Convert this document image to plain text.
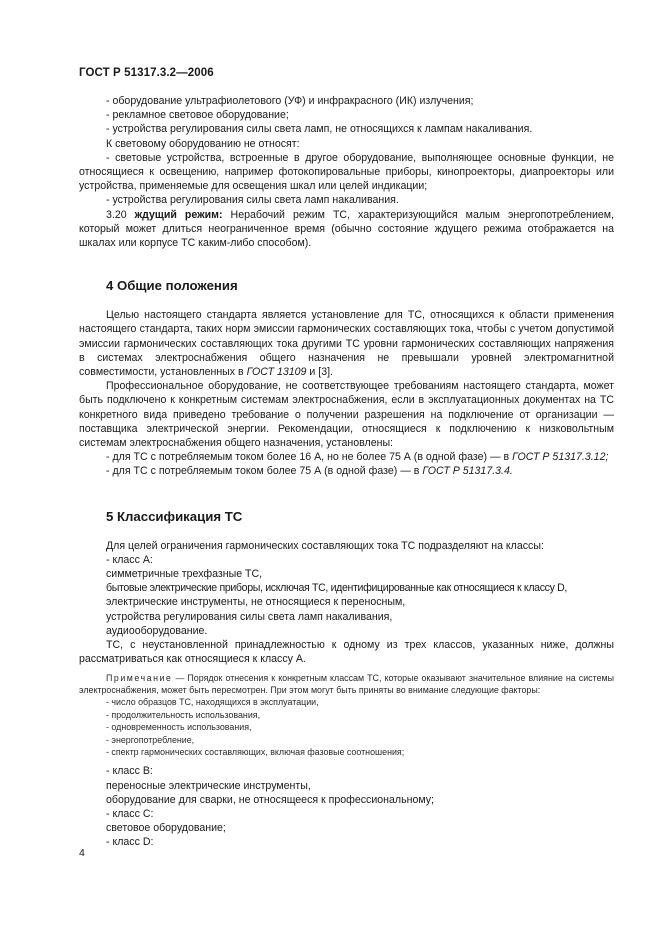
ГОСТ Р 51317.3.2—2006

- оборудование ультрафиолетового (УФ) и инфракрасного (ИК) излучения;

- рекламное световое оборудование;

- устройства регулирования силы света ламп, не относящихся к лампам накаливания.

К световому оборудованию не относят:

- световые устройства, встроенные в другое оборудование, выполняющее основные функции, не относящиеся к освещению, например фотокопировальные приборы, кинопроекторы, диапроекторы или устройства, применяемые для освещения шкал или целей индикации;

- устройства регулирования силы света ламп накаливания.

3.20 ждущий режим: Нерабочий режим ТС, характеризующийся малым энергопотреблением, который может длиться неограниченное время (обычно состояние ждущего режима отображается на шкалах или корпусе ТС каким-либо способом).

4 Общие положения

Целью настоящего стандарта является установление для ТС, относящихся к области применения настоящего стандарта, таких норм эмиссии гармонических составляющих тока, чтобы с учетом допустимой эмиссии гармонических составляющих тока другими ТС уровни гармонических составляющих напряжения в системах электроснабжения общего назначения не превышали уровней электромагнитной совместимости, установленных в ГОСТ 13109 и [3].

Профессиональное оборудование, не соответствующее требованиям настоящего стандарта, может быть подключено к конкретным системам электроснабжения, если в эксплуатационных документах на ТС конкретного вида приведено требование о получении разрешения на подключение от организации — поставщика электрической энергии. Рекомендации, относящиеся к подключению к низковольтным системам электроснабжения общего назначения, установлены:

- для ТС с потребляемым током более 16 А, но не более 75 А (в одной фазе) — в ГОСТ Р 51317.3.12;

- для ТС с потребляемым током более 75 А (в одной фазе) — в ГОСТ Р 51317.3.4.

5 Классификация ТС

Для целей ограничения гармонических составляющих тока ТС подразделяют на классы:

- класс А:

симметричные трехфазные ТС,

бытовые электрические приборы, исключая ТС, идентифицированные как относящиеся к классу D,

электрические инструменты, не относящиеся к переносным,

устройства регулирования силы света ламп накаливания,

аудиооборудование.

ТС, с неустановленной принадлежностью к одному из трех классов, указанных ниже, должны рассматриваться как относящиеся к классу А.

Примечание — Порядок отнесения к конкретным классам ТС, которые оказывают значительное влияние на системы электроснабжения, может быть пересмотрен. При этом могут быть приняты во внимание следующие факторы:

- число образцов ТС, находящихся в эксплуатации,

- продолжительность использования,

- одновременность использования,

- энергопотребление,

- спектр гармонических составляющих, включая фазовые соотношения;

- класс В:

переносные электрические инструменты,

оборудование для сварки, не относящееся к профессиональному;

- класс С:

световое оборудование;

- класс D:

4
